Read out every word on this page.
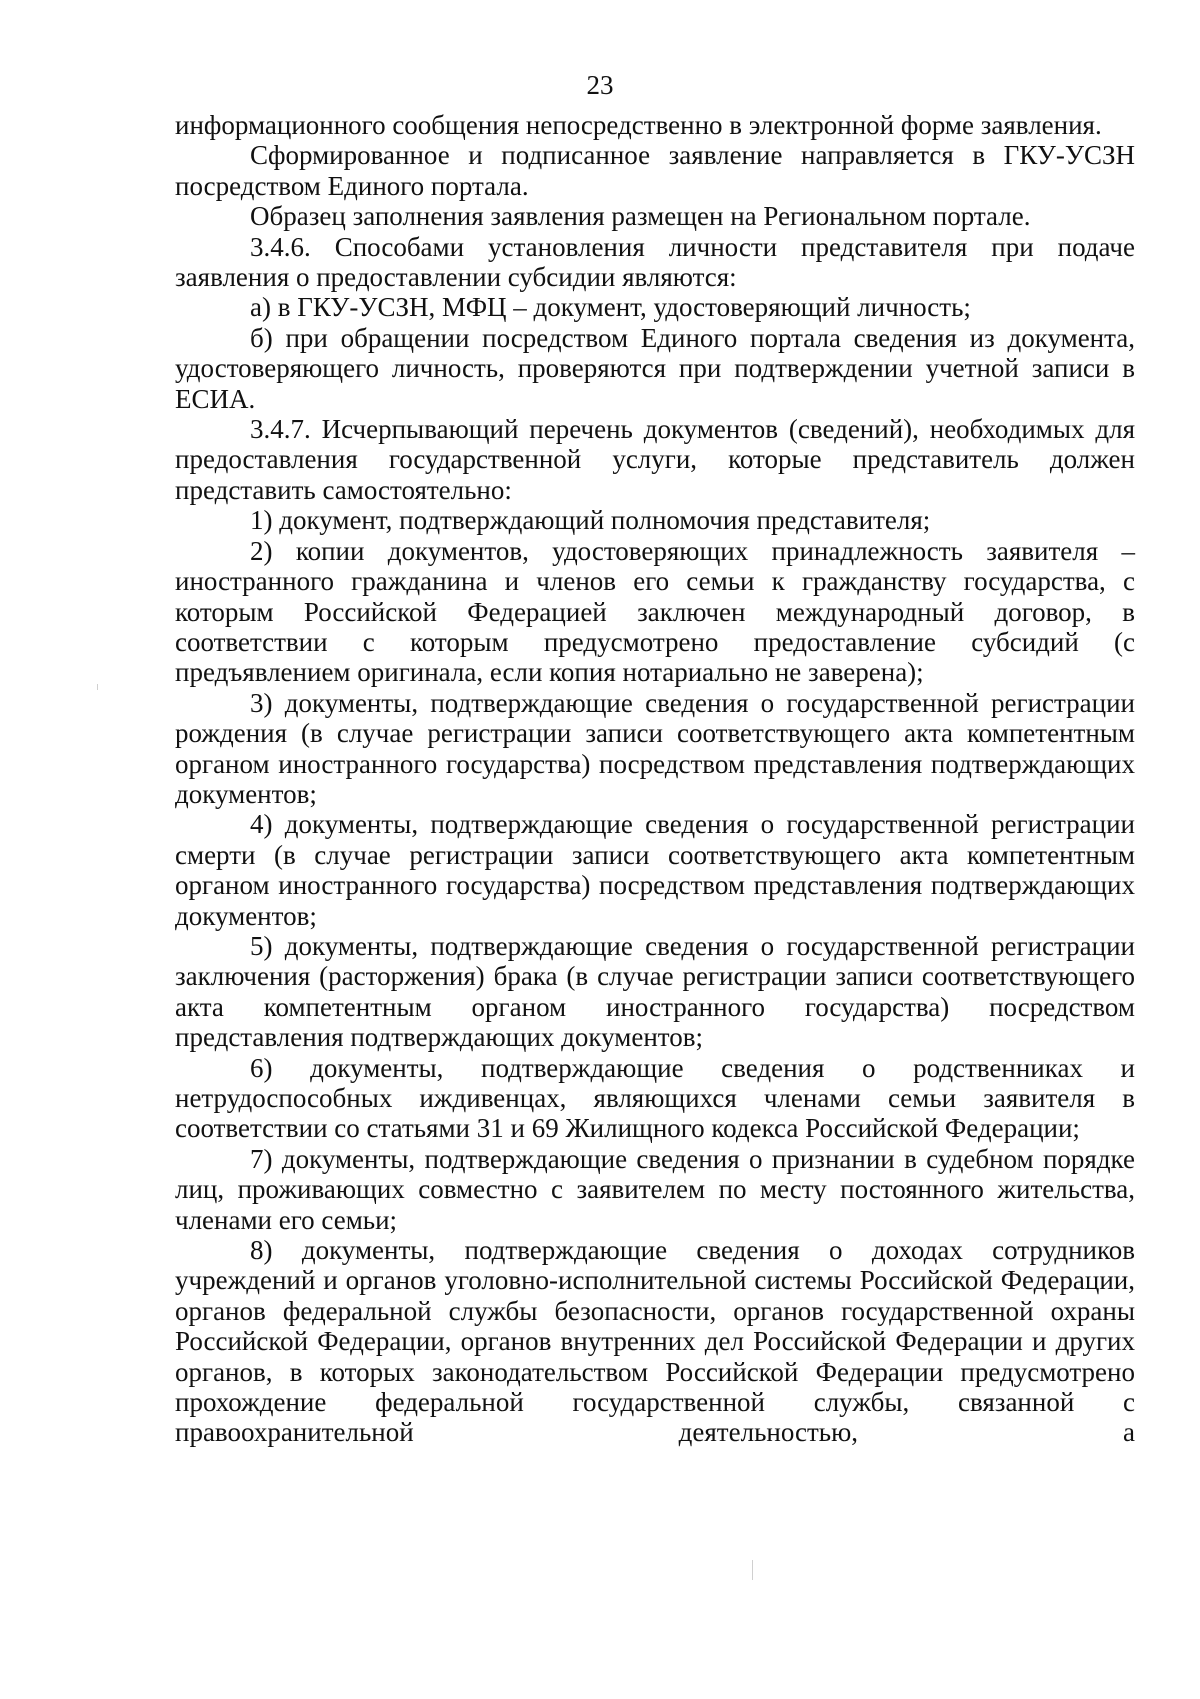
23

информационного сообщения непосредственно в электронной форме заявления.

Сформированное и подписанное заявление направляется в ГКУ-УСЗН посредством Единого портала.

Образец заполнения заявления размещен на Региональном портале.

3.4.6. Способами установления личности представителя при подаче заявления о предоставлении субсидии являются:

а) в ГКУ-УСЗН, МФЦ – документ, удостоверяющий личность;

б) при обращении посредством Единого портала сведения из документа, удостоверяющего личность, проверяются при подтверждении учетной записи в ЕСИА.

3.4.7. Исчерпывающий перечень документов (сведений), необходимых для предоставления государственной услуги, которые представитель должен представить самостоятельно:

1) документ, подтверждающий полномочия представителя;

2) копии документов, удостоверяющих принадлежность заявителя – иностранного гражданина и членов его семьи к гражданству государства, с которым Российской Федерацией заключен международный договор, в соответствии с которым предусмотрено предоставление субсидий (с предъявлением оригинала, если копия нотариально не заверена);

3) документы, подтверждающие сведения о государственной регистрации рождения (в случае регистрации записи соответствующего акта компетентным органом иностранного государства) посредством представления подтверждающих документов;

4) документы, подтверждающие сведения о государственной регистрации смерти (в случае регистрации записи соответствующего акта компетентным органом иностранного государства) посредством представления подтверждающих документов;

5) документы, подтверждающие сведения о государственной регистрации заключения (расторжения) брака (в случае регистрации записи соответствующего акта компетентным органом иностранного государства) посредством представления подтверждающих документов;

6) документы, подтверждающие сведения о родственниках и нетрудоспособных иждивенцах, являющихся членами семьи заявителя в соответствии со статьями 31 и 69 Жилищного кодекса Российской Федерации;

7) документы, подтверждающие сведения о признании в судебном порядке лиц, проживающих совместно с заявителем по месту постоянного жительства, членами его семьи;

8) документы, подтверждающие сведения о доходах сотрудников учреждений и органов уголовно-исполнительной системы Российской Федерации, органов федеральной службы безопасности, органов государственной охраны Российской Федерации, органов внутренних дел Российской Федерации и других органов, в которых законодательством Российской Федерации предусмотрено прохождение федеральной государственной службы, связанной с правоохранительной деятельностью, а
